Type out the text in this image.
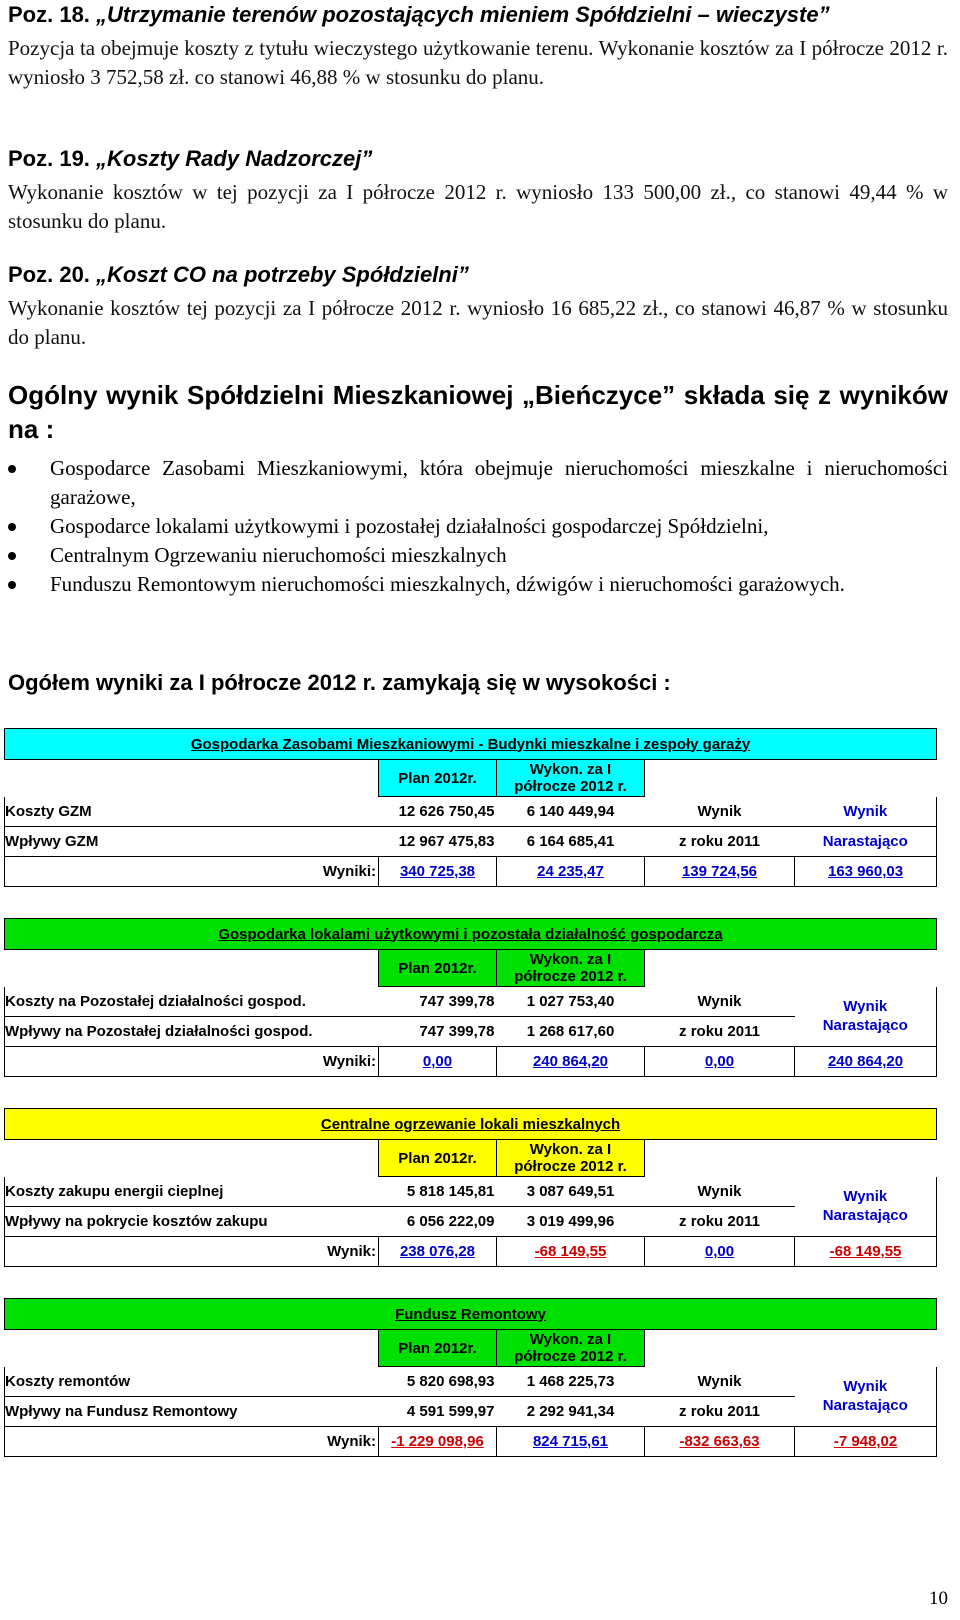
Poz. 18. „Utrzymanie terenów pozostających mieniem Spółdzielni – wieczyste”

Pozycja ta obejmuje koszty z tytułu wieczystego użytkowanie terenu. Wykonanie kosztów za I półrocze 2012 r. wyniosło 3 752,58 zł. co stanowi 46,88 % w stosunku do planu.

Poz. 19. „Koszty Rady Nadzorczej”

Wykonanie kosztów w tej pozycji za I półrocze 2012 r. wyniosło 133 500,00 zł., co stanowi 49,44 % w stosunku do planu.

Poz. 20. „Koszt CO na potrzeby Spółdzielni”

Wykonanie kosztów tej pozycji za I półrocze 2012 r. wyniosło 16 685,22 zł., co stanowi 46,87 % w stosunku do planu.

Ogólny wynik Spółdzielni Mieszkaniowej „Bieńczyce” składa się z wyników na :

Gospodarce Zasobami Mieszkaniowymi, która obejmuje nieruchomości mieszkalne i nieruchomości garażowe,
Gospodarce lokalami użytkowymi i pozostałej działalności gospodarczej Spółdzielni,
Centralnym Ogrzewaniu nieruchomości mieszkalnych
Funduszu Remontowym nieruchomości mieszkalnych, dźwigów i nieruchomości garażowych.

Ogółem wyniki za I półrocze 2012 r. zamykają się w wysokości :

Gospodarka Zasobami Mieszkaniowymi - Budynki mieszkalne i zespoły garaży				
	Plan 2012r.	Wykon. za I
półrocze 2012 r.		
Koszty GZM	12 626 750,45	6 140 449,94	Wynik	Wynik
Wpływy GZM	12 967 475,83	6 164 685,41	z roku 2011	Narastająco
Wyniki:	340 725,38	24 235,47	139 724,56	163 960,03
Gospodarka lokalami użytkowymi i pozostała działalność gospodarcza				
	Plan 2012r.	Wykon. za I
półrocze 2012 r.		
Koszty na Pozostałej działalności gospod.	747 399,78	1 027 753,40	Wynik	Wynik
Narastająco
Wpływy na Pozostałej działalności gospod.	747 399,78	1 268 617,60	z roku 2011	
Wyniki:	0,00	240 864,20	0,00	240 864,20
Centralne ogrzewanie lokali mieszkalnych				
	Plan 2012r.	Wykon. za I
półrocze 2012 r.		
Koszty zakupu energii cieplnej	5 818 145,81	3 087 649,51	Wynik	Wynik
Narastająco
Wpływy na pokrycie kosztów zakupu	6 056 222,09	3 019 499,96	z roku 2011	
Wynik:	238 076,28	-68 149,55	0,00	-68 149,55
Fundusz Remontowy				
	Plan 2012r.	Wykon. za I
półrocze 2012 r.		
Koszty remontów	5 820 698,93	1 468 225,73	Wynik	Wynik
Narastająco
Wpływy na Fundusz Remontowy	4 591 599,97	2 292 941,34	z roku 2011	
Wynik:	-1 229 098,96	824 715,61	-832 663,63	-7 948,02
10
